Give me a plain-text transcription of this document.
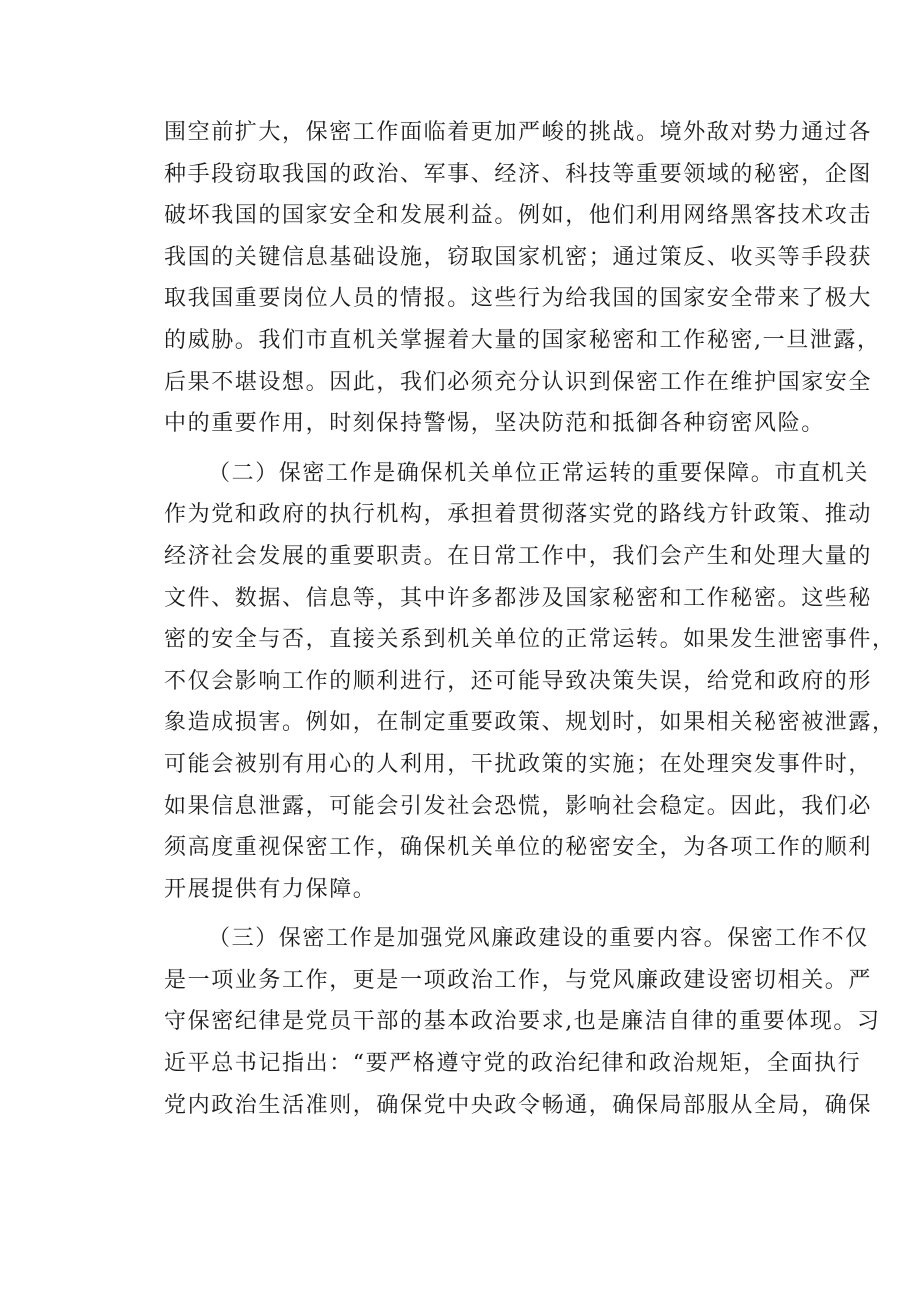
围空前扩大，保密工作面临着更加严峻的挑战。境外敌对势力通过各
种手段窃取我国的政治、军事、经济、科技等重要领域的秘密，企图
破坏我国的国家安全和发展利益。例如，他们利用网络黑客技术攻击
我国的关键信息基础设施，窃取国家机密；通过策反、收买等手段获
取我国重要岗位人员的情报。这些行为给我国的国家安全带来了极大
的威胁。我们市直机关掌握着大量的国家秘密和工作秘密,一旦泄露，
后果不堪设想。因此，我们必须充分认识到保密工作在维护国家安全
中的重要作用，时刻保持警惕，坚决防范和抵御各种窃密风险。
（二）保密工作是确保机关单位正常运转的重要保障。市直机关
作为党和政府的执行机构，承担着贯彻落实党的路线方针政策、推动
经济社会发展的重要职责。在日常工作中，我们会产生和处理大量的
文件、数据、信息等，其中许多都涉及国家秘密和工作秘密。这些秘
密的安全与否，直接关系到机关单位的正常运转。如果发生泄密事件，
不仅会影响工作的顺利进行，还可能导致决策失误，给党和政府的形
象造成损害。例如，在制定重要政策、规划时，如果相关秘密被泄露，
可能会被别有用心的人利用，干扰政策的实施；在处理突发事件时，
如果信息泄露，可能会引发社会恐慌，影响社会稳定。因此，我们必
须高度重视保密工作，确保机关单位的秘密安全，为各项工作的顺利
开展提供有力保障。
（三）保密工作是加强党风廉政建设的重要内容。保密工作不仅
是一项业务工作，更是一项政治工作，与党风廉政建设密切相关。严
守保密纪律是党员干部的基本政治要求,也是廉洁自律的重要体现。习
近平总书记指出：“要严格遵守党的政治纪律和政治规矩，全面执行
党内政治生活准则，确保党中央政令畅通，确保局部服从全局，确保
